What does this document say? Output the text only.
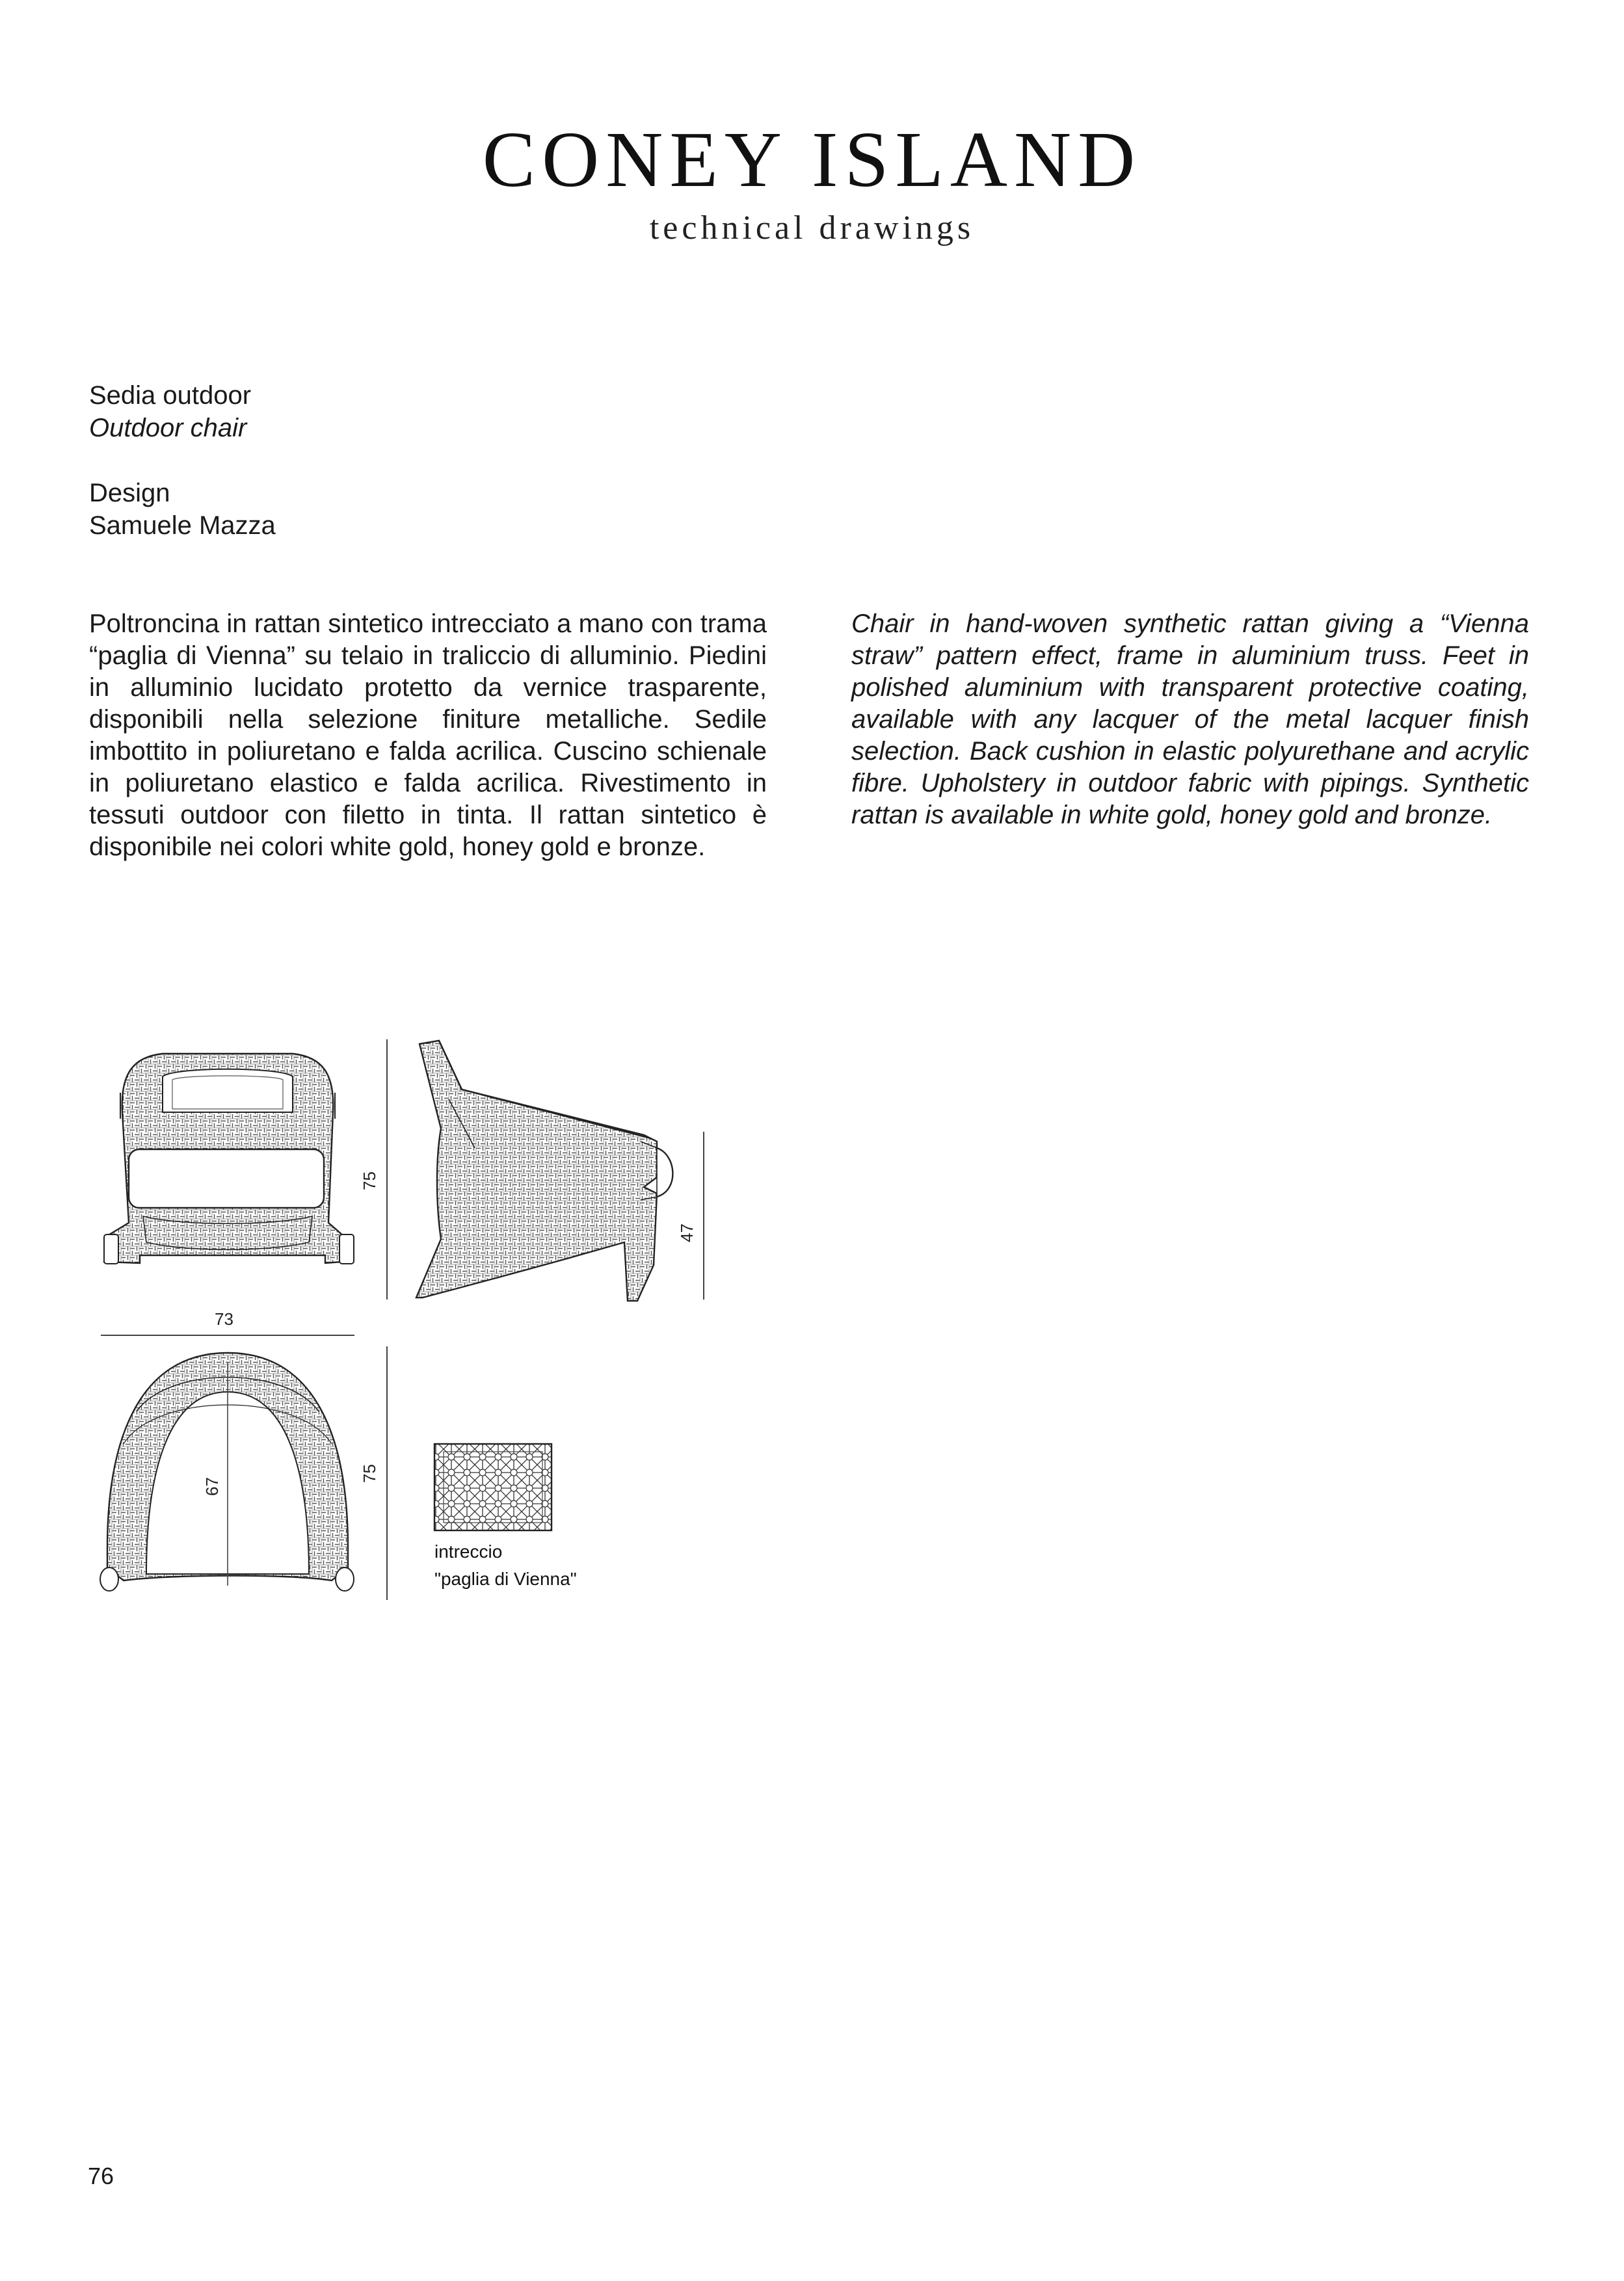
CONEY ISLAND
technical drawings
Sedia outdoor
Outdoor chair
Design
Samuele Mazza
Poltroncina in rattan sintetico intrecciato a mano con trama “paglia di Vienna” su telaio in traliccio di alluminio. Piedini in alluminio lucidato protetto da vernice trasparente, disponibili nella selezione finiture metalliche. Sedile imbottito in poliuretano e falda acrilica. Cuscino schienale in poliuretano elastico e falda acrilica. Rivestimento in tessuti outdoor con filetto in tinta. Il rattan sintetico è disponibile nei colori white gold, honey gold e bronze.
Chair in hand-woven synthetic rattan giving a “Vienna straw” pattern effect, frame in aluminium truss. Feet in polished aluminium with transparent protective coating, available with any lacquer of the metal lacquer finish selection. Back cushion in elastic polyurethane and acrylic fibre. Upholstery in outdoor fabric with pipings. Synthetic rattan is available in white gold, honey gold and bronze.
75
73
47
67
75
intreccio
"paglia di Vienna"
76
